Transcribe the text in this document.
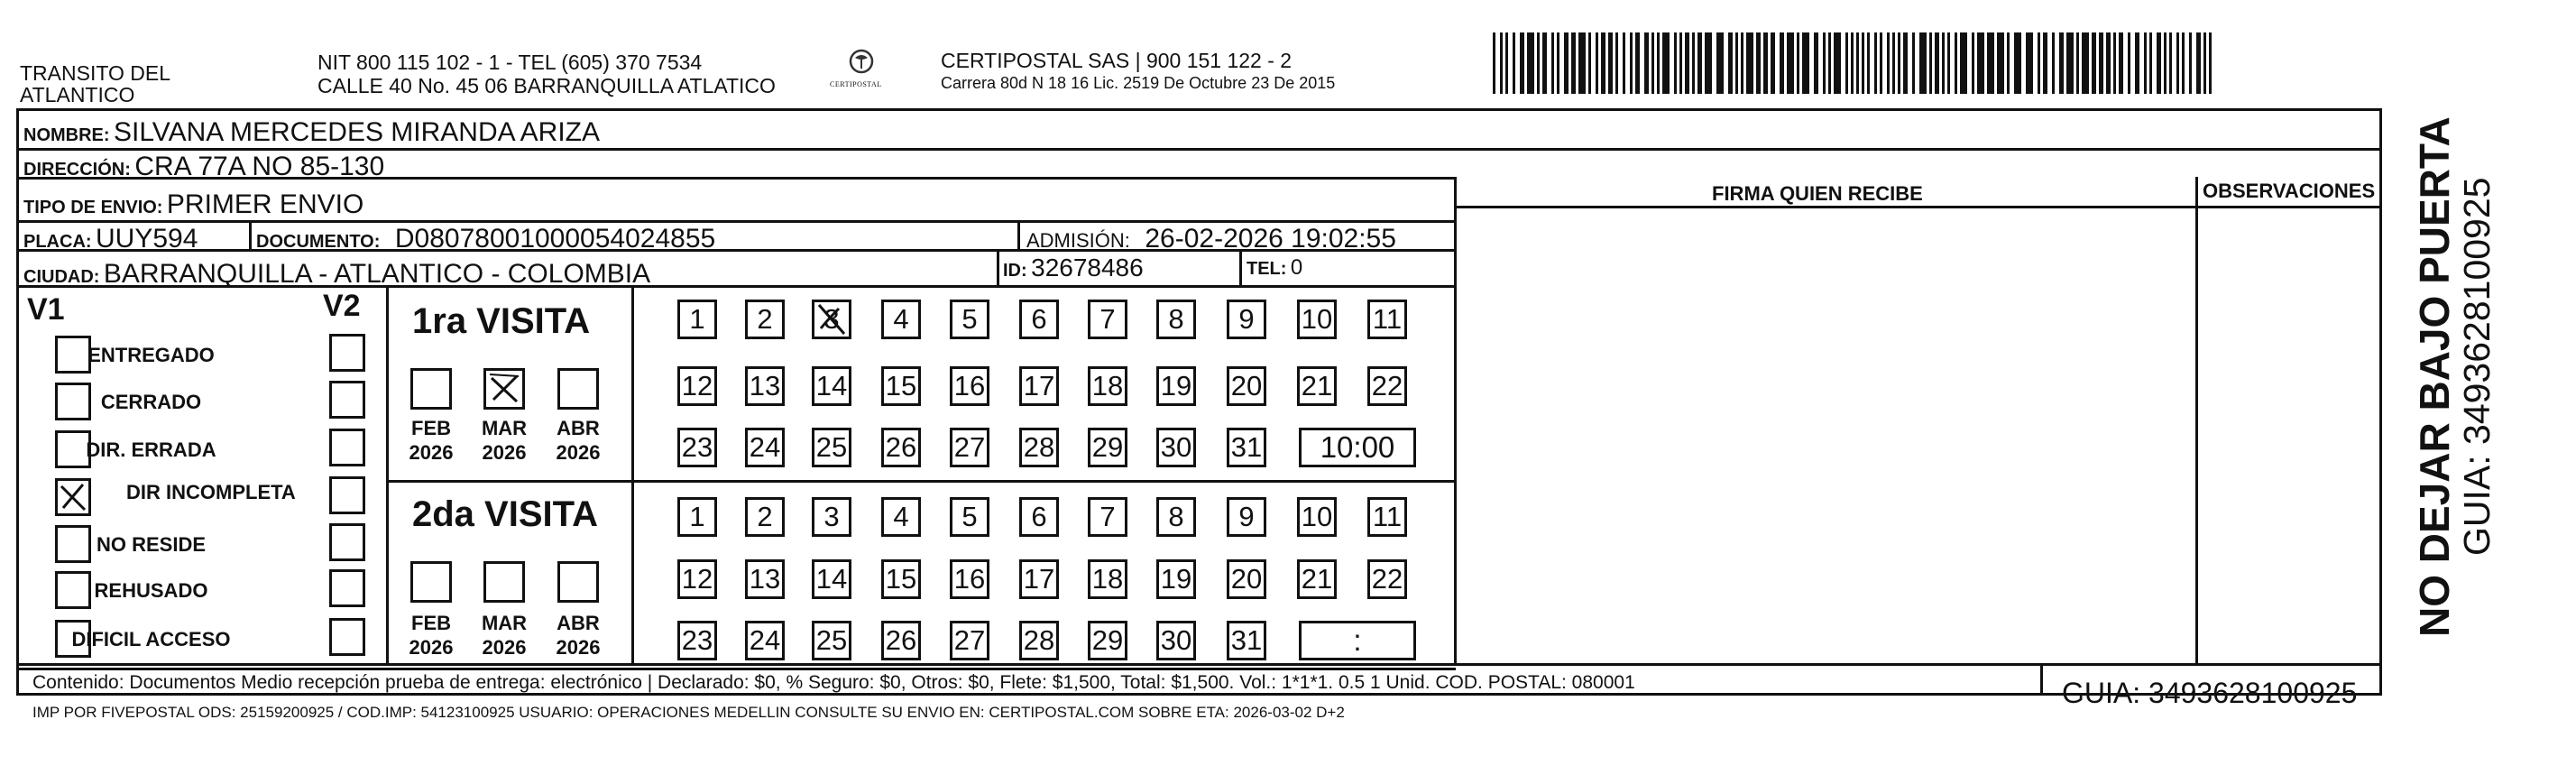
TRANSITO DEL
ATLANTICO
NIT 800 115 102 - 1 - TEL (605) 370 7534
CALLE 40 No. 45 06 BARRANQUILLA ATLATICO	CERTIPOSTAL
CERTIPOSTAL SAS | 900 151 122 - 2
Carrera 80d N 18 16 Lic. 2519 De Octubre 23 De 2015
NOMBRE: SILVANA MERCEDES MIRANDA ARIZA
DIRECCIÓN: CRA 77A NO 85-130
TIPO DE ENVIO: PRIMER ENVIO
PLACA: UUY594	DOCUMENTO: D08078001000054024855	ADMISIÓN: 26-02-2026 19:02:55
CIUDAD: BARRANQUILLA - ATLANTICO - COLOMBIA	ID: 32678486	TEL: 0
FIRMA QUIEN RECIBE	OBSERVACIONES
V1	V2
ENTREGADO
CERRADO
DIR. ERRADA
DIR INCOMPLETA
NO RESIDE
REHUSADO
DIFICIL ACCESO
1ra VISITA
FEB
2026
MAR
2026
ABR
2026
1 2 3 4 5 6 7 8 9 10 11
12 13 14 15 16 17 18 19 20 21 22
23 24 25 26 27 28 29 30 31 10:00
2da VISITA
FEB
2026
MAR
2026
ABR
2026
1 2 3 4 5 6 7 8 9 10 11
12 13 14 15 16 17 18 19 20 21 22
23 24 25 26 27 28 29 30 31	:
Contenido: Documentos Medio recepción prueba de entrega: electrónico | Declarado: $0, % Seguro: $0, Otros: $0, Flete: $1,500, Total: $1,500. Vol.: 1*1*1. 0.5 1 Unid. COD. POSTAL: 080001
IMP POR FIVEPOSTAL ODS: 25159200925 / COD.IMP: 54123100925 USUARIO: OPERACIONES MEDELLIN CONSULTE SU ENVIO EN: CERTIPOSTAL.COM SOBRE ETA: 2026-03-02 D+2
GUIA: 3493628100925
NO DEJAR BAJO PUERTA
GUIA: 3493628100925
